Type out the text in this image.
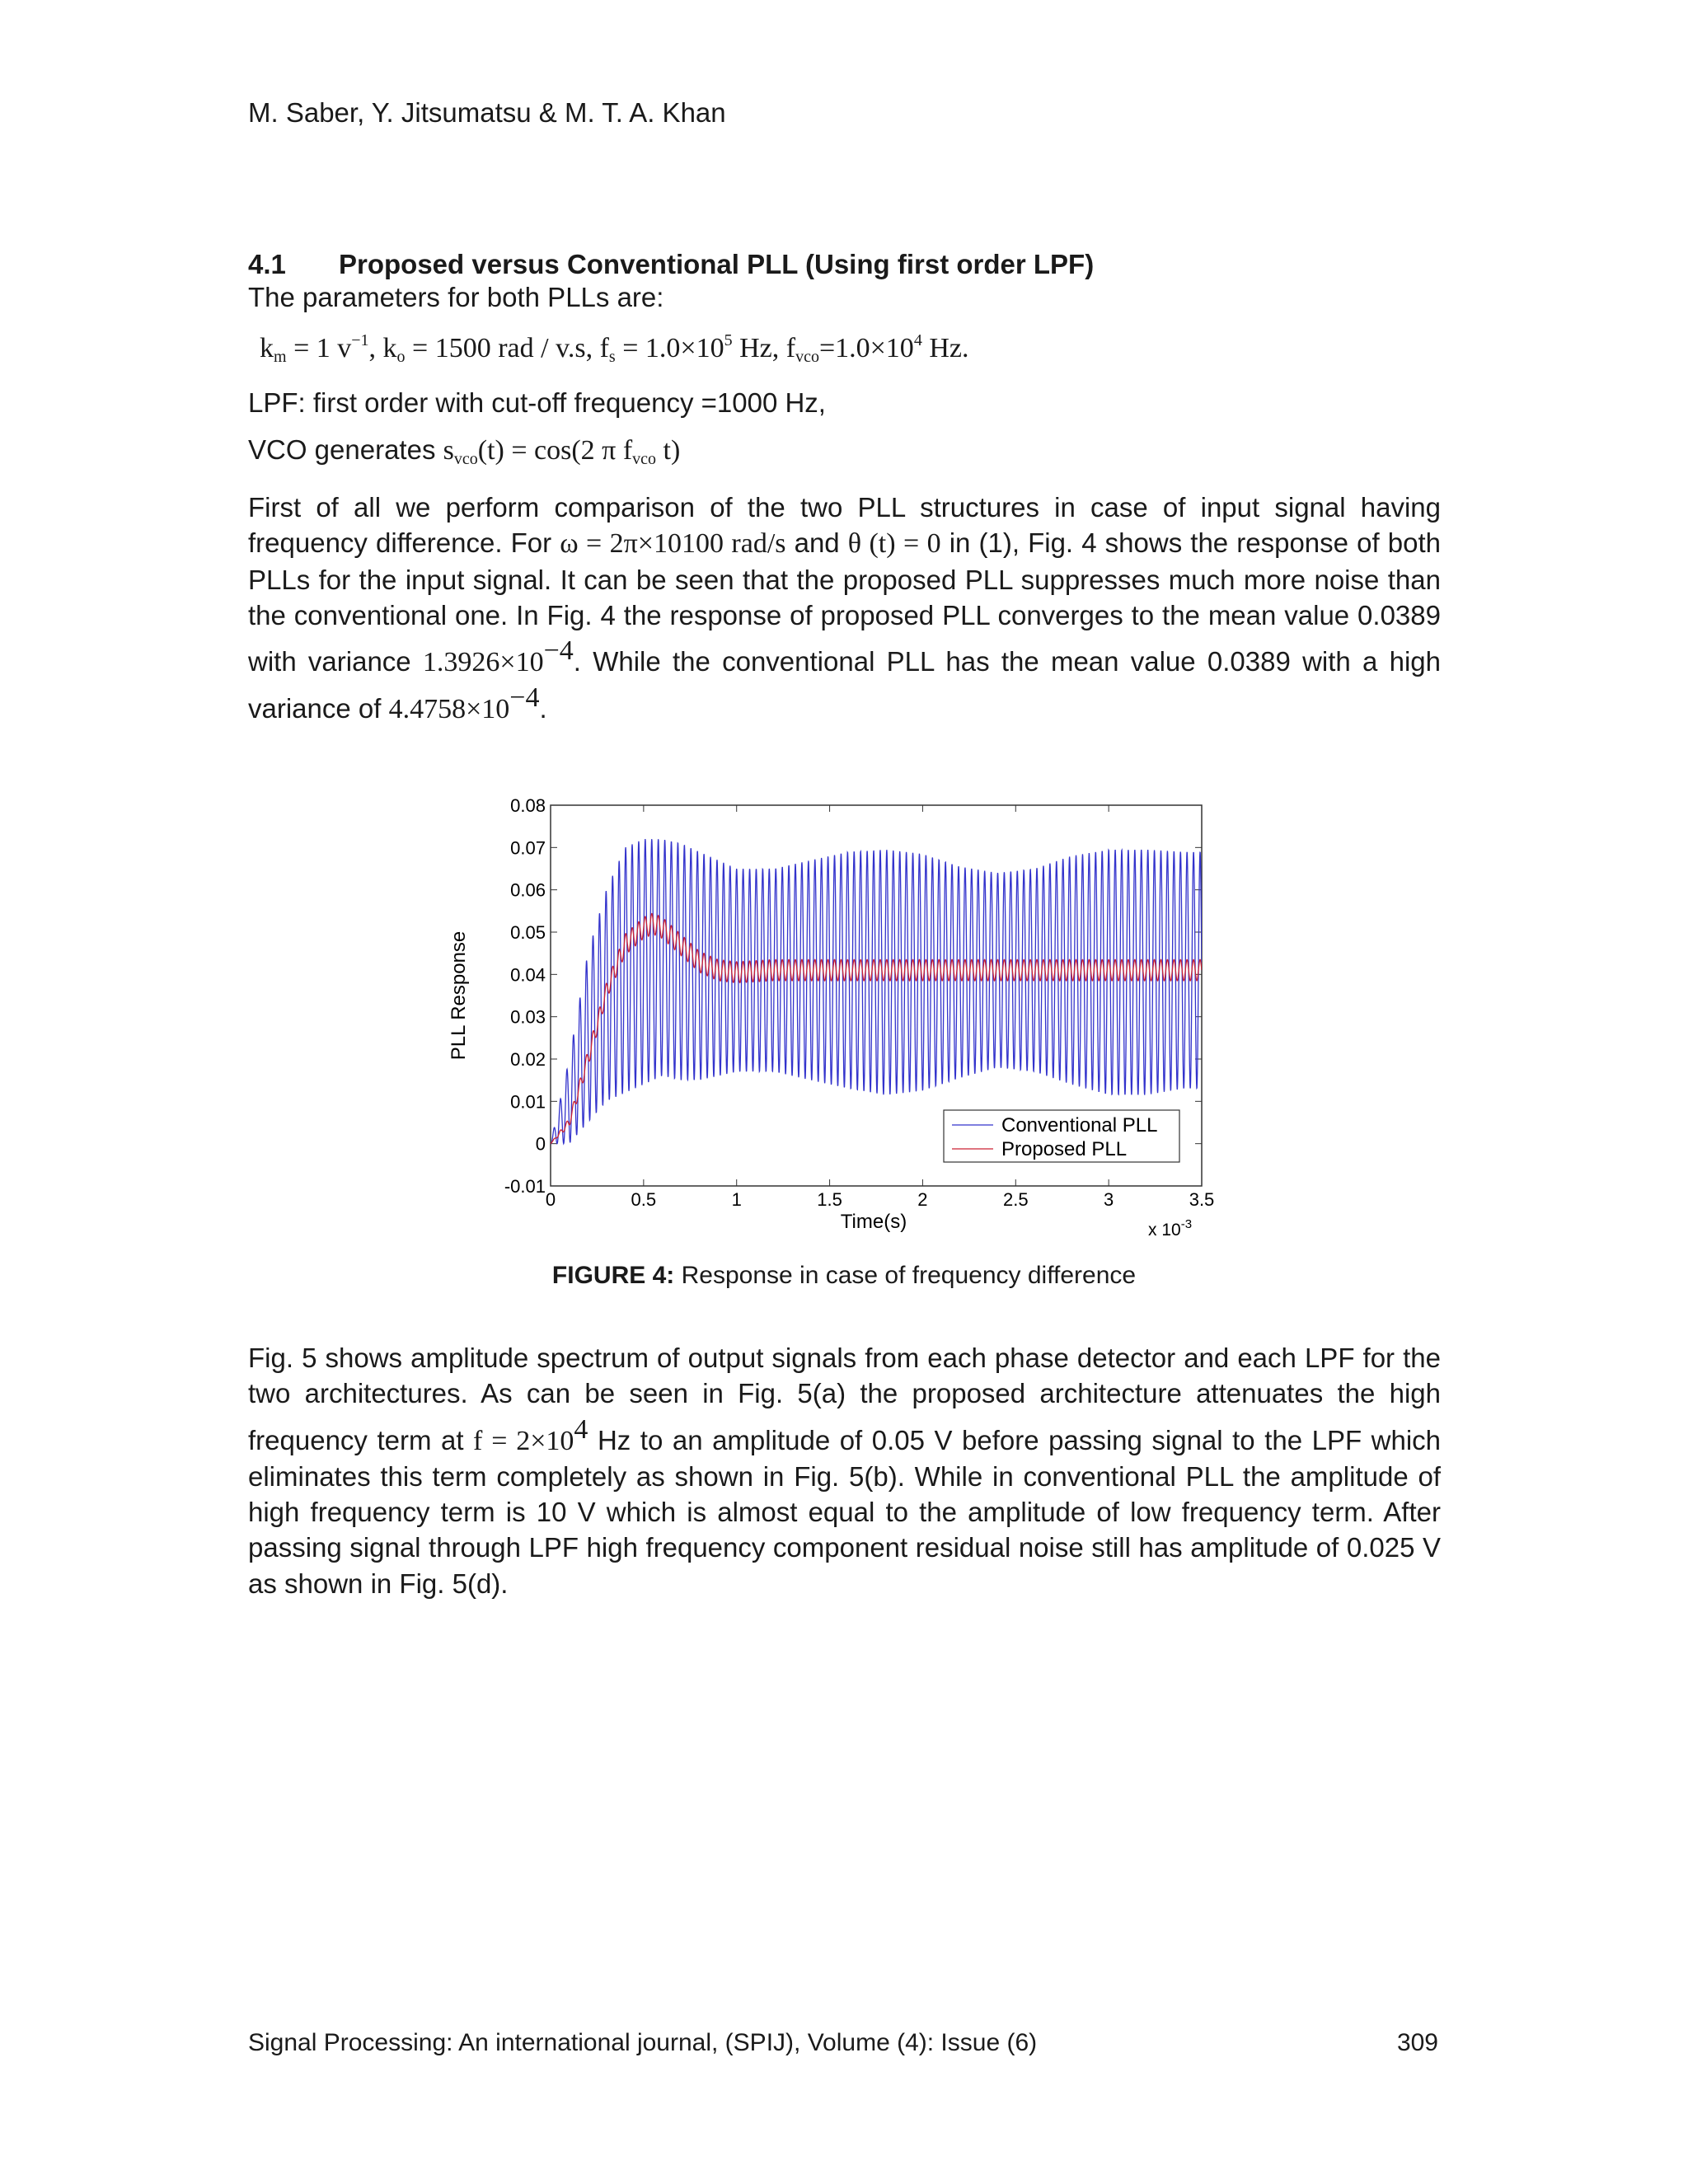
M. Saber, Y. Jitsumatsu & M. T. A. Khan
4.1 Proposed versus Conventional PLL (Using first order LPF)
The parameters for both PLLs are:
$k_m = 1$ $v^{-1}$, $k_o = 1500$ rad / v.s, $f_s = 1.0\times 10^5$ Hz, $f_{vco}=1.0\times 10^4$ Hz.
LPF: first order with cut-off frequency =1000 Hz,
VCO generates $s_{vco}(t) = \cos(2$ π $f_{vco}$ t)
First of all we perform comparison of the two PLL structures in case of input signal having frequency difference. For ω = 2π×10100 rad/s and θ (t) = 0 in (1), Fig. 4 shows the response of both PLLs for the input signal. It can be seen that the proposed PLL suppresses much more noise than the conventional one. In Fig. 4 the response of proposed PLL converges to the mean value 0.0389 with variance $1.3926\times 10^{-4}$. While the conventional PLL has the mean value 0.0389 with a high variance of $4.4758\times 10^{-4}$.
0.08
0.07
0.06
0.05
0.04
0.03
0.02
0.01
0
-0.01
0	0.5	1	1.5	2	2.5	3	3.5
PLL Response
Time(s)	x $10^{-3}$
Conventional PLL
Proposed PLL
FIGURE 4: Response in case of frequency difference
Fig. 5 shows amplitude spectrum of output signals from each phase detector and each LPF for the two architectures. As can be seen in Fig. 5(a) the proposed architecture attenuates the high frequency term at $f = 2\times 10^4$ Hz to an amplitude of 0.05 V before passing signal to the LPF which eliminates this term completely as shown in Fig. 5(b). While in conventional PLL the amplitude of high frequency term is 10 V which is almost equal to the amplitude of low frequency term. After passing signal through LPF high frequency component residual noise still has amplitude of 0.025 V as shown in Fig. 5(d).
Signal Processing: An international journal, (SPIJ), Volume (4): Issue (6)	309
